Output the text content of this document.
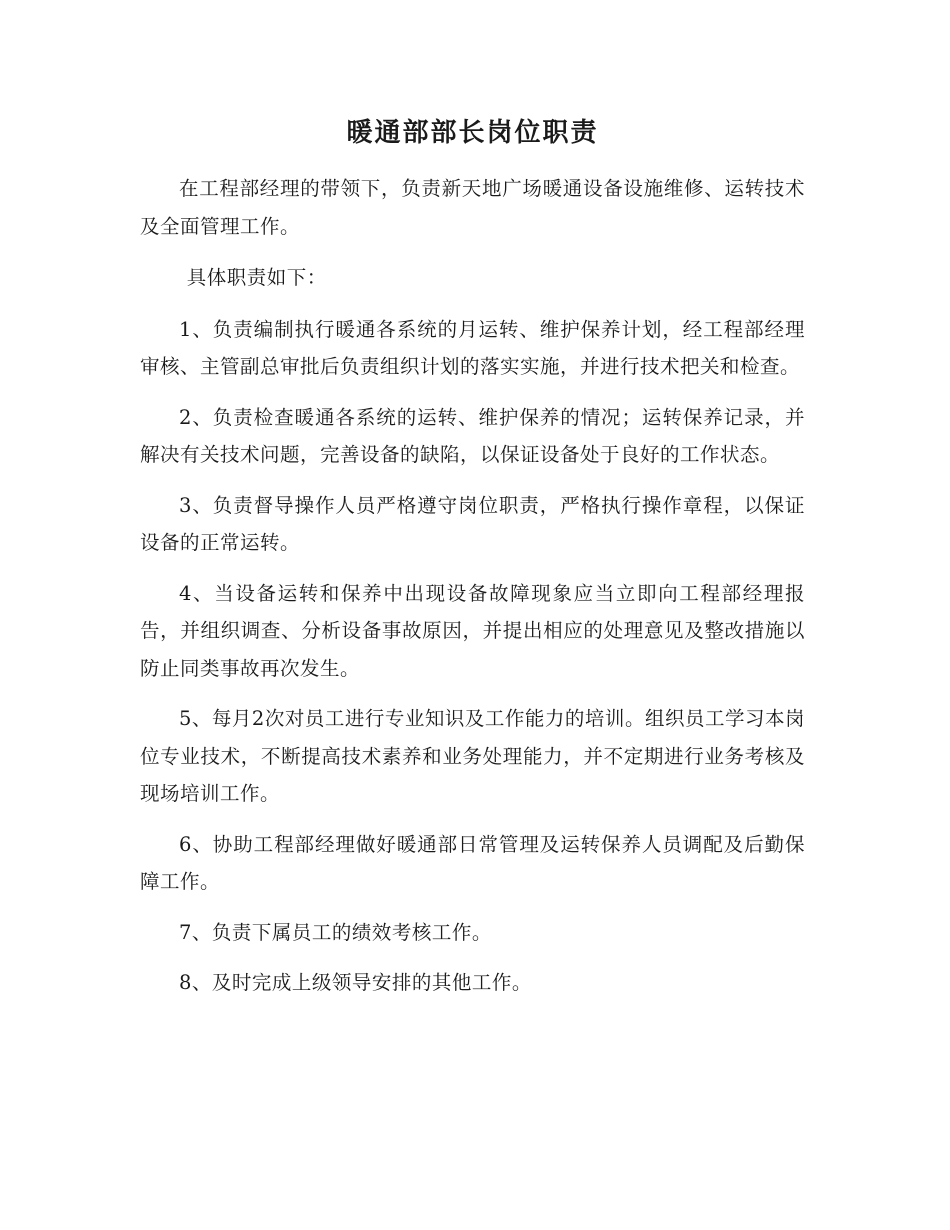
暖通部部长岗位职责

在工程部经理的带领下，负责新天地广场暖通设备设施维修、运转技术及全面管理工作。

具体职责如下：

1、负责编制执行暖通各系统的月运转、维护保养计划，经工程部经理审核、主管副总审批后负责组织计划的落实实施，并进行技术把关和检查。

2、负责检查暖通各系统的运转、维护保养的情况；运转保养记录，并解决有关技术问题，完善设备的缺陷，以保证设备处于良好的工作状态。

3、负责督导操作人员严格遵守岗位职责，严格执行操作章程，以保证设备的正常运转。

4、当设备运转和保养中出现设备故障现象应当立即向工程部经理报告，并组织调查、分析设备事故原因，并提出相应的处理意见及整改措施以防止同类事故再次发生。

5、每月2次对员工进行专业知识及工作能力的培训。组织员工学习本岗位专业技术，不断提高技术素养和业务处理能力，并不定期进行业务考核及现场培训工作。

6、协助工程部经理做好暖通部日常管理及运转保养人员调配及后勤保障工作。

7、负责下属员工的绩效考核工作。

8、及时完成上级领导安排的其他工作。
